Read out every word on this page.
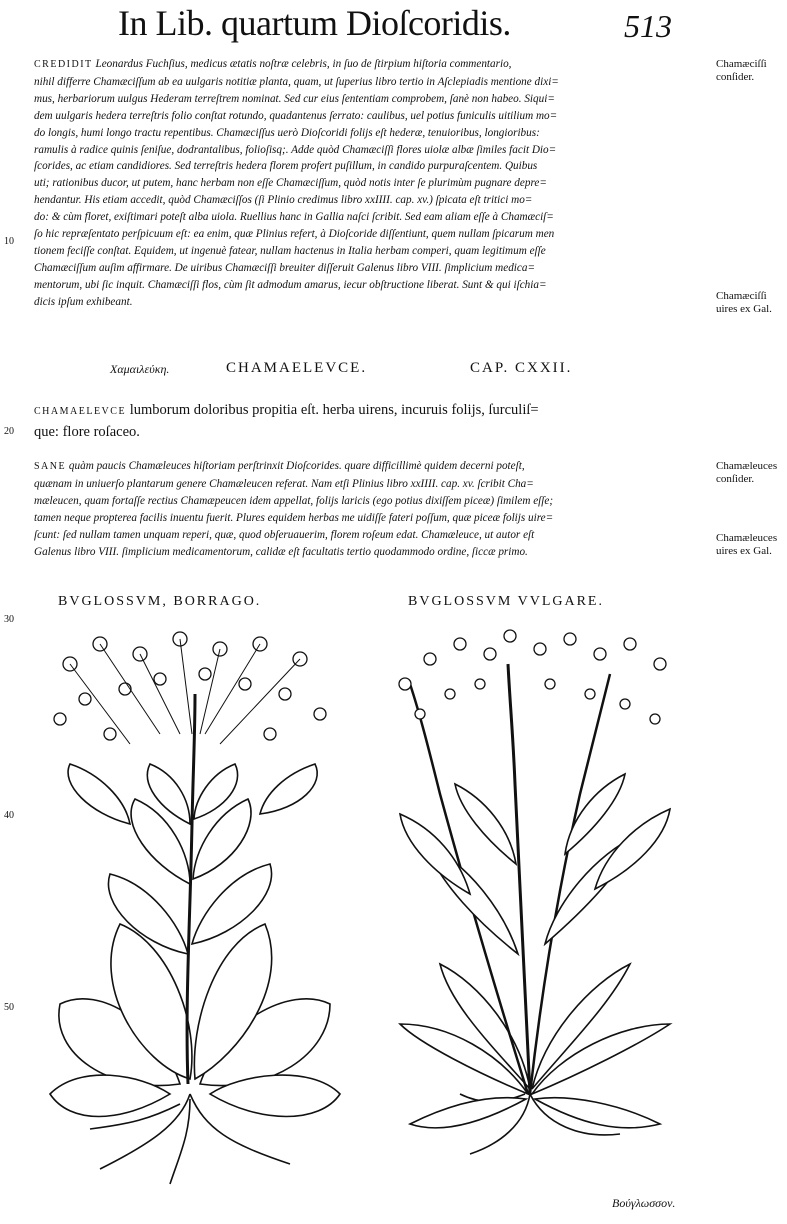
In Lib. quartum Dioſcoridis.	513
CREDIDIT Leonardus Fuchſius, medicus ætatis noſtræ celebris, in ſuo de ſtirpium hiſtoria commentario,
nihil differre Chamæciſſum ab ea uulgaris notitiæ planta, quam, ut ſuperius libro tertio in Aſclepiadis mentione dixi=
mus, herbariorum uulgus Hederam terreſtrem nominat. Sed cur eius ſententiam comprobem, ſanè non habeo. Siqui=
dem uulgaris hedera terreſtris folio conſtat rotundo, quadantenus ſerrato: caulibus, uel potius funiculis uitilium mo=
do longis, humi longo tractu repentibus. Chamæciſſus uerò Dioſcoridi folijs eſt hederæ, tenuioribus, longioribus:
ramulis à radice quinis ſeniſue, dodrantalibus, folioſisq;. Adde quòd Chamæciſſi flores uiolæ albæ ſimiles facit Dio=
ſcorides, ac etiam candidiores. Sed terreſtris hedera florem profert puſillum, in candido purpuraſcentem. Quibus
uti; rationibus ducor, ut putem, hanc herbam non eſſe Chamæciſſum, quòd notis inter ſe plurimùm pugnare depre=
hendantur. His etiam accedit, quòd Chamæciſſos (ſi Plinio credimus libro xxIIII. cap. xv.) ſpicata eſt tritici mo=
do: & cùm floret, exiſtimari poteſt alba uiola. Ruellius hanc in Gallia naſci ſcribit. Sed eam aliam eſſe à Chamæciſ=
ſo hic repræſentato perſpicuum eſt: ea enim, quæ Plinius refert, à Dioſcoride diſſentiunt, quem nullam ſpicarum men
tionem feciſſe conſtat. Equidem, ut ingenuè fatear, nullam hactenus in Italia herbam comperi, quam legitimum eſſe
Chamæciſſum auſim affirmare. De uiribus Chamæciſſi breuiter diſſeruit Galenus libro VIII. ſimplicium medica=
mentorum, ubi ſic inquit. Chamæciſſi flos, cùm ſit admodum amarus, iecur obſtructione liberat. Sunt & qui iſchia=
dicis ipſum exhibeant.
Chamæciſſi
conſider.
Chamæciſſi
uires ex Gal.
Chamæleuces
conſider.
Chamæleuces
uires ex Gal.
10
20
30
40
50
Χαμαιλεύκη.	CHAMAELEVCE.	CAP. CXXII.
CHAMAELEVCE lumborum doloribus propitia eſt. herba uirens, incuruis folijs, ſurculiſ=
que: flore roſaceo.
SANE quàm paucis Chamæleuces hiſtoriam perſtrinxit Dioſcorides. quare difficillimè quidem decerni poteſt,
quænam in uniuerſo plantarum genere Chamæleucen referat. Nam etſi Plinius libro xxIIII. cap. xv. ſcribit Cha=
mæleucen, quam fortaſſe rectius Chamæpeucen idem appellat, folijs laricis (ego potius dixiſſem piceæ) ſimilem eſſe;
tamen neque propterea facilis inuentu fuerit. Plures equidem herbas me uidiſſe fateri poſſum, quæ piceæ folijs uire=
ſcunt: ſed nullam tamen unquam reperi, quæ, quod obſeruauerim, florem roſeum edat. Chamæleuce, ut autor eſt
Galenus libro VIII. ſimplicium medicamentorum, calidæ eſt facultatis tertio quodammodo ordine, ſiccæ primo.
BVGLOSSVM, BORRAGO.	BVGLOSSVM VVLGARE.
Βούγλωσσον.
